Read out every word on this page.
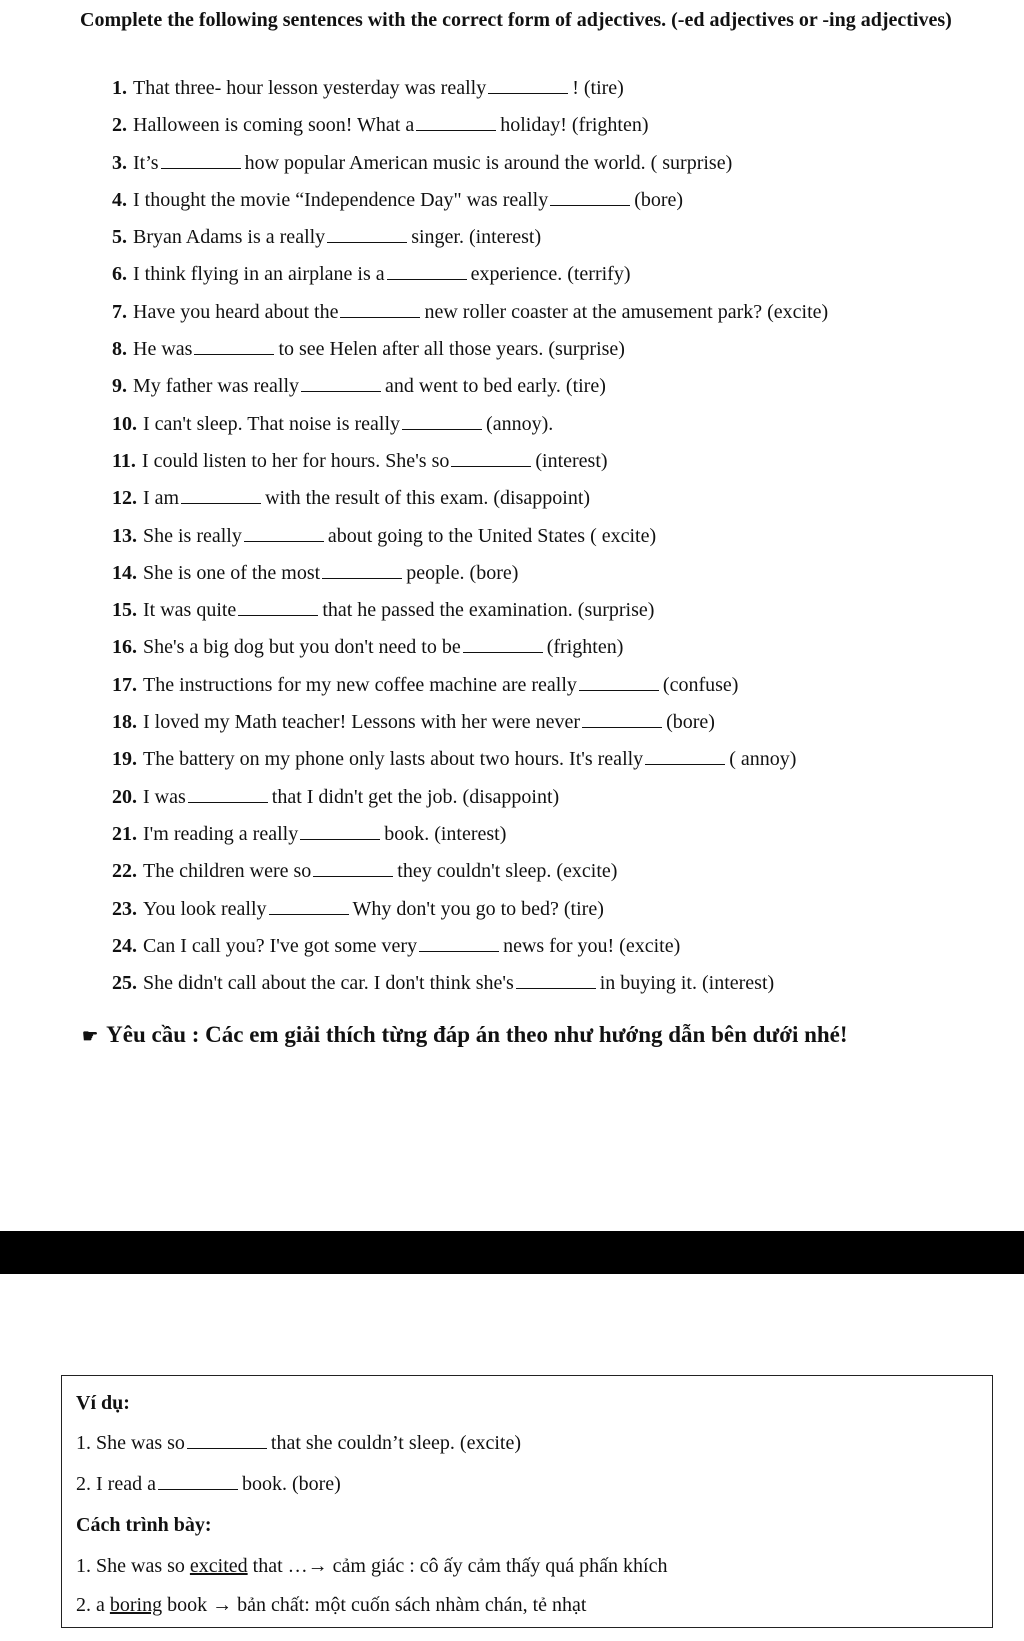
Complete the following sentences with the correct form of adjectives. (-ed adjectives or -ing adjectives)
1. That three- hour lesson yesterday was really	! (tire)
2. Halloween is coming soon! What a	holiday! (frighten)
3. It’s	how popular American music is around the world. ( surprise)
4. I thought the movie “Independence Day" was really	(bore)
5. Bryan Adams is a really	singer. (interest)
6. I think flying in an airplane is a	experience. (terrify)
7. Have you heard about the	new roller coaster at the amusement park? (excite)
8. He was	to see Helen after all those years. (surprise)
9. My father was really	and went to bed early. (tire)
10. I can't sleep. That noise is really	(annoy).
11. I could listen to her for hours. She's so	(interest)
12. I am	with the result of this exam. (disappoint)
13. She is really	about going to the United States ( excite)
14. She is one of the most	people. (bore)
15. It was quite	that he passed the examination. (surprise)
16. She's a big dog but you don't need to be	(frighten)
17. The instructions for my new coffee machine are really	(confuse)
18. I loved my Math teacher! Lessons with her were never	(bore)
19. The battery on my phone only lasts about two hours. It's really	( annoy)
20. I was	that I didn't get the job. (disappoint)
21. I'm reading a really	book. (interest)
22. The children were so	they couldn't sleep. (excite)
23. You look really	Why don't you go to bed? (tire)
24. Can I call you? I've got some very	news for you! (excite)
25. She didn't call about the car. I don't think she's	in buying it. (interest)
☛ Yêu cầu : Các em giải thích từng đáp án theo như hướng dẫn bên dưới nhé!
Ví dụ:
1. She was so	that she couldn’t sleep. (excite)
2. I read a	book. (bore)
Cách trình bày:
1. She was so excited that …→ cảm giác : cô ấy cảm thấy quá phấn khích
2. a boring book → bản chất: một cuốn sách nhàm chán, tẻ nhạt
